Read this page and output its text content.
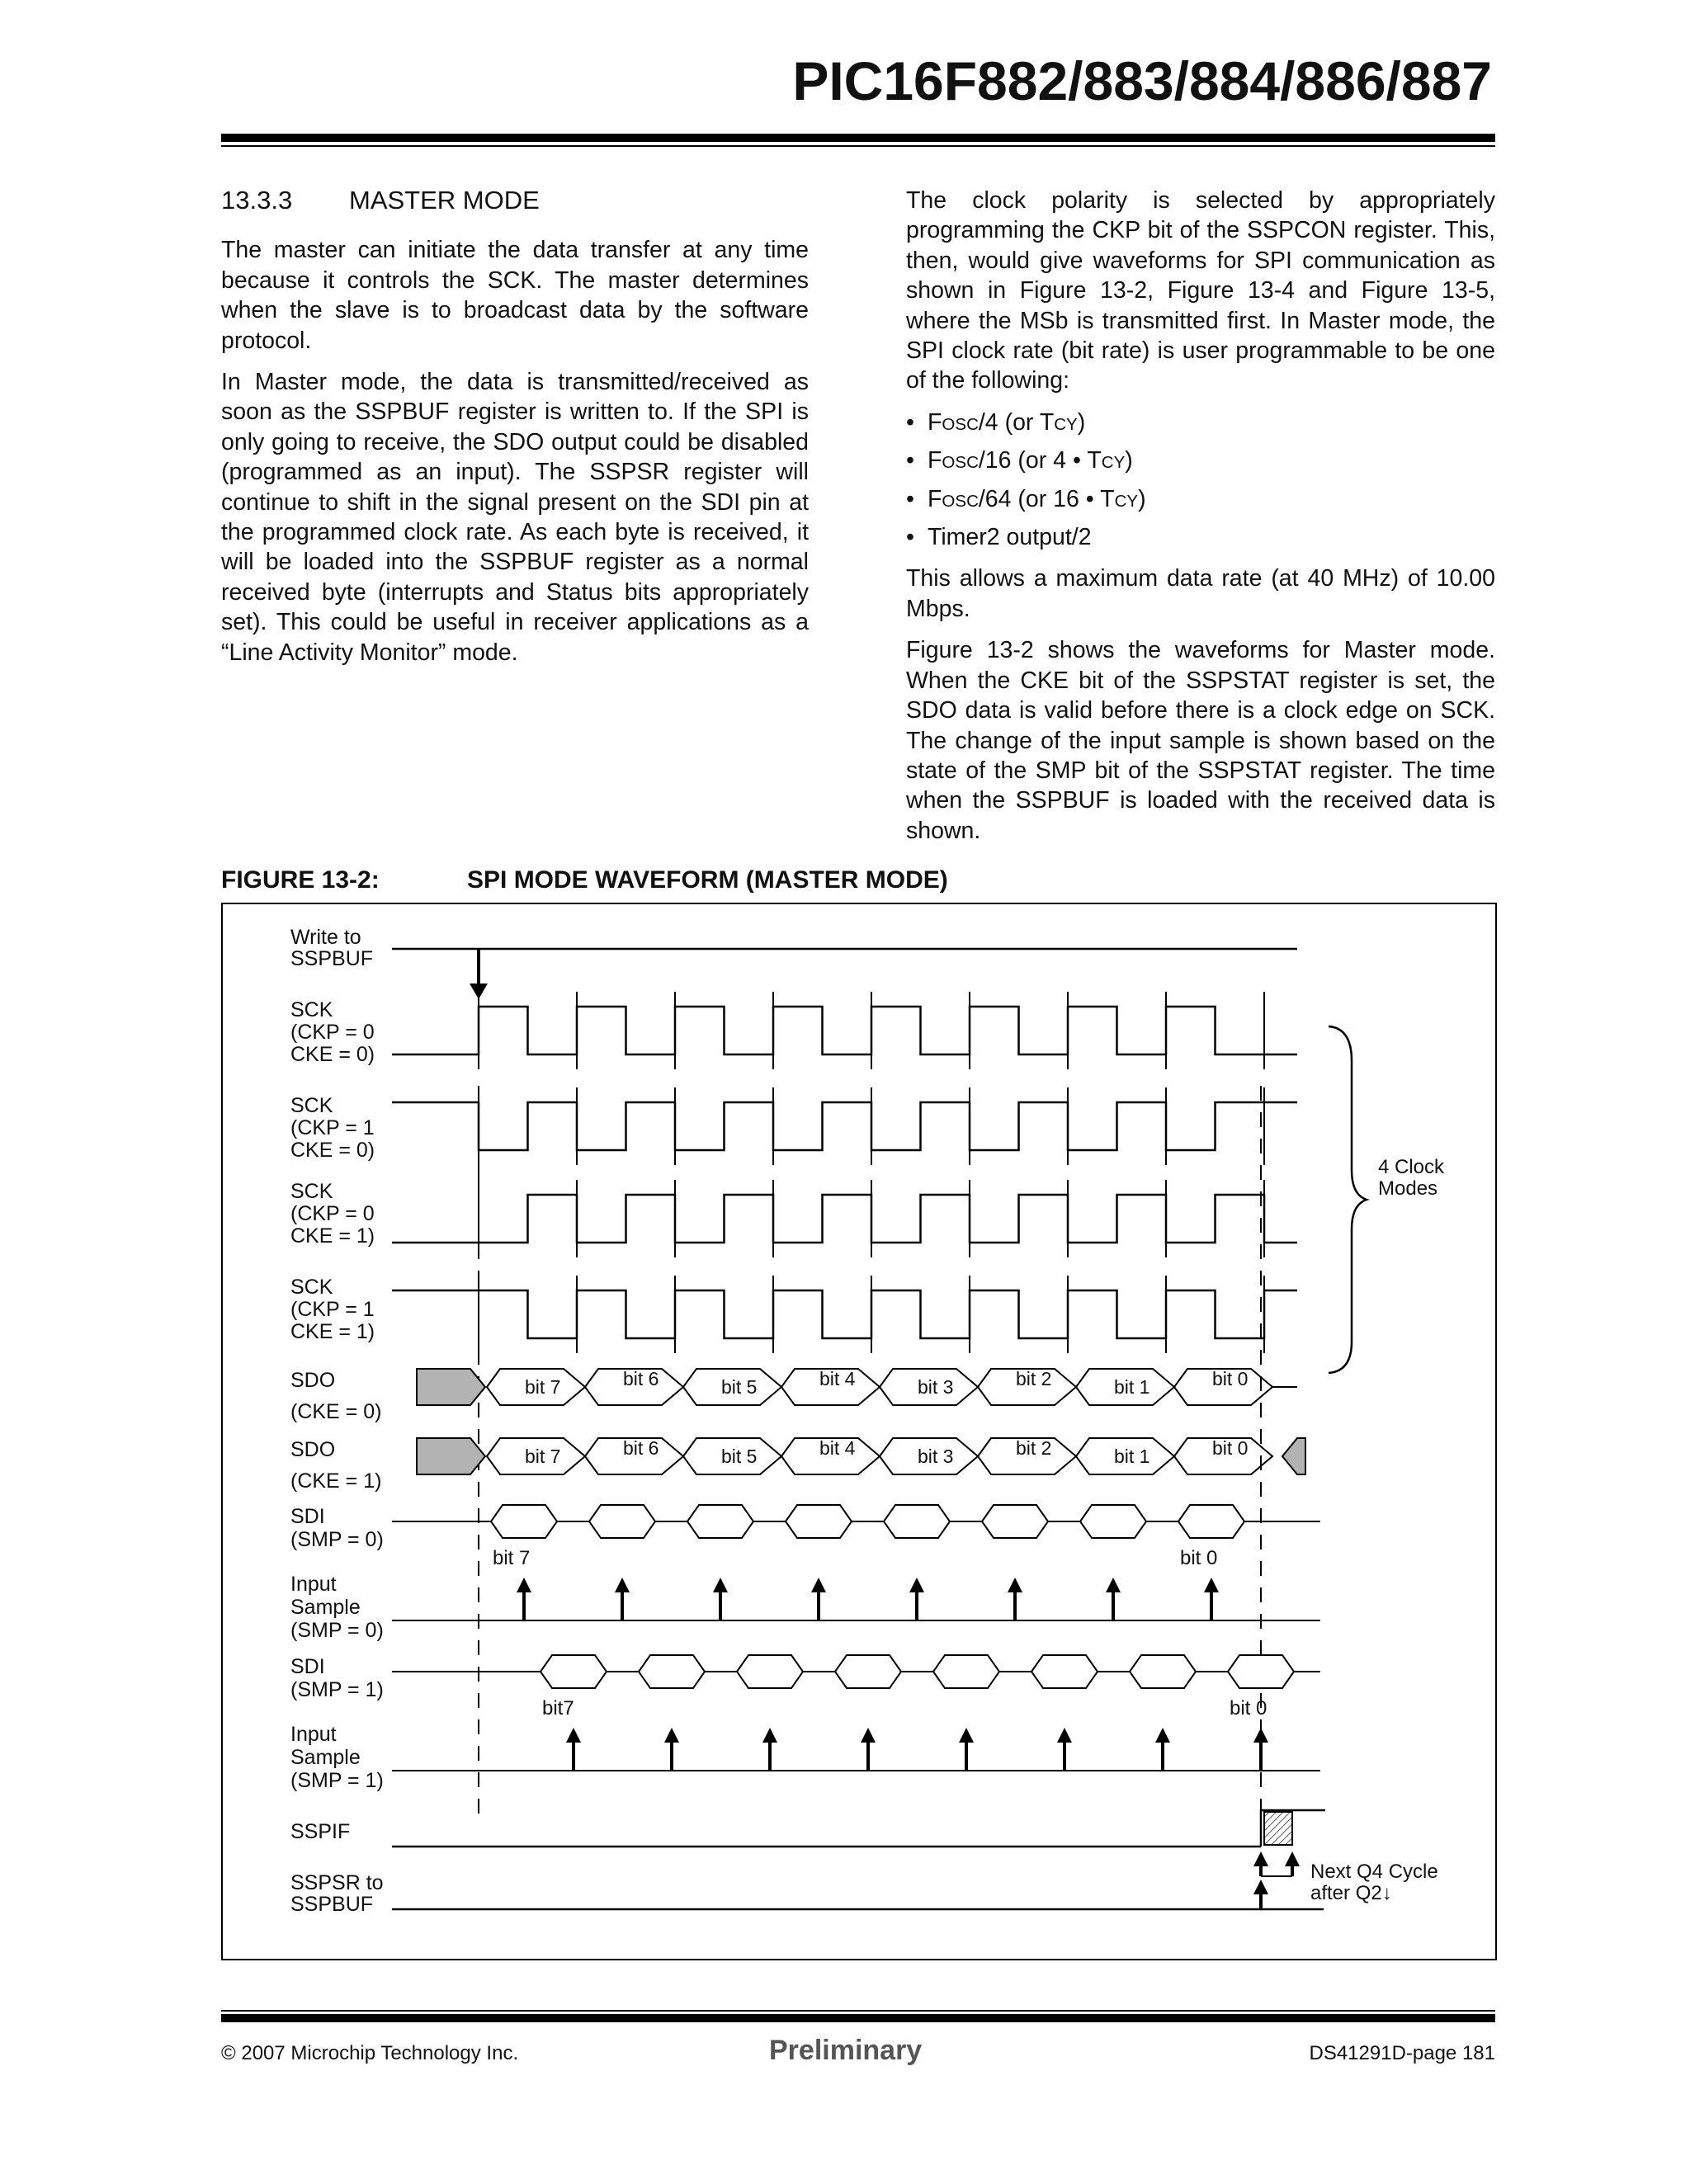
PIC16F882/883/884/886/887
13.3.3 MASTER MODE

The master can initiate the data transfer at any time because it controls the SCK. The master determines when the slave is to broadcast data by the software protocol.

In Master mode, the data is transmitted/received as soon as the SSPBUF register is written to. If the SPI is only going to receive, the SDO output could be disabled (programmed as an input). The SSPSR register will continue to shift in the signal present on the SDI pin at the programmed clock rate. As each byte is received, it will be loaded into the SSPBUF register as a normal received byte (interrupts and Status bits appropriately set). This could be useful in receiver applications as a “Line Activity Monitor” mode.

The clock polarity is selected by appropriately programming the CKP bit of the SSPCON register. This, then, would give waveforms for SPI communication as shown in Figure 13-2, Figure 13-4 and Figure 13-5, where the MSb is transmitted first. In Master mode, the SPI clock rate (bit rate) is user programmable to be one of the following:

• FOSC/4 (or TCY)
• FOSC/16 (or 4 • TCY)
• FOSC/64 (or 16 • TCY)
• Timer2 output/2

This allows a maximum data rate (at 40 MHz) of 10.00 Mbps.

Figure 13-2 shows the waveforms for Master mode. When the CKE bit of the SSPSTAT register is set, the SDO data is valid before there is a clock edge on SCK. The change of the input sample is shown based on the state of the SMP bit of the SSPSTAT register. The time when the SSPBUF is loaded with the received data is shown.

FIGURE 13-2:	SPI MODE WAVEFORM (MASTER MODE)
Write to
SSPBUF
SCK
(CKP = 0
CKE = 0)
SCK
(CKP = 1
CKE = 0)
SCK
(CKP = 0
CKE = 1)
SCK
(CKP = 1
CKE = 1)
4 Clock
Modes
SDO
(CKE = 0)
bit 7	bit 6	bit 5	bit 4	bit 3	bit 2	bit 1	bit 0
SDO
(CKE = 1)
bit 7	bit 6	bit 5	bit 4	bit 3	bit 2	bit 1	bit 0
SDI
(SMP = 0)
bit 7	bit 0
SDI
(SMP = 1)
bit7	bit 0
Input
Sample
(SMP = 0)
Input
Sample
(SMP = 1)
SSPIF
SSPSR to
SSPBUF
Next Q4 Cycle
after Q2↓
© 2007 Microchip Technology Inc.	Preliminary	DS41291D-page 181
